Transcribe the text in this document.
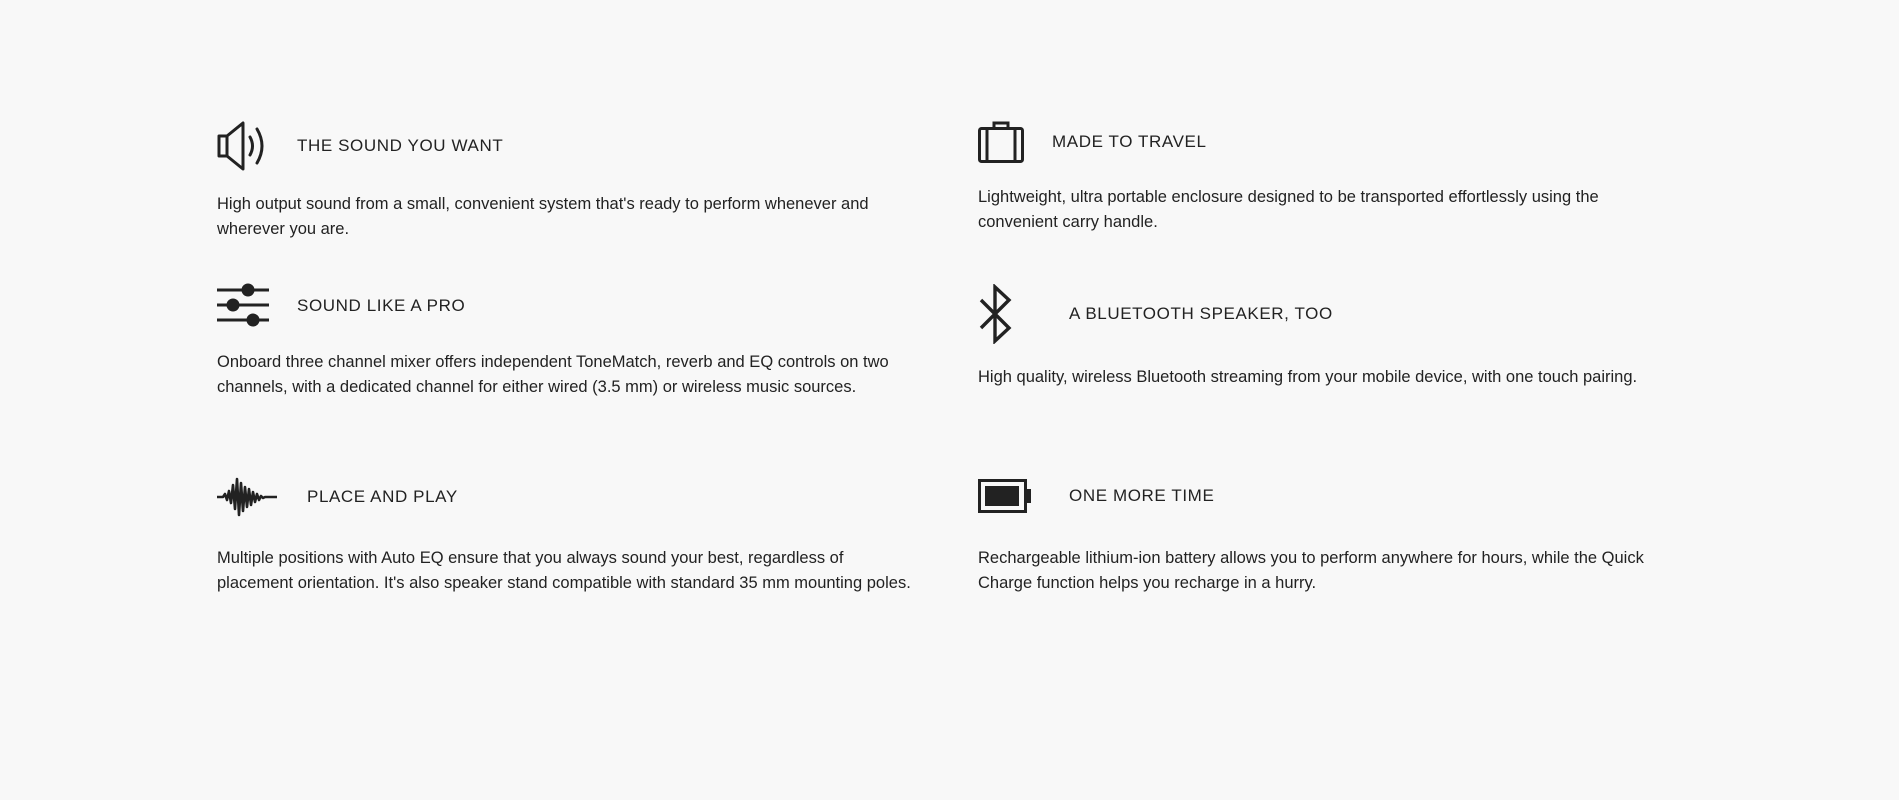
THE SOUND YOU WANT

High output sound from a small, convenient system that's ready to perform whenever and wherever you are.

SOUND LIKE A PRO

Onboard three channel mixer offers independent ToneMatch, reverb and EQ controls on two channels, with a dedicated channel for either wired (3.5 mm) or wireless music sources.

PLACE AND PLAY

Multiple positions with Auto EQ ensure that you always sound your best, regardless of placement orientation. It's also speaker stand compatible with standard 35 mm mounting poles.

MADE TO TRAVEL

Lightweight, ultra portable enclosure designed to be transported effortlessly using the convenient carry handle.

A BLUETOOTH SPEAKER, TOO

High quality, wireless Bluetooth streaming from your mobile device, with one touch pairing.

ONE MORE TIME

Rechargeable lithium-ion battery allows you to perform anywhere for hours, while the Quick Charge function helps you recharge in a hurry.
